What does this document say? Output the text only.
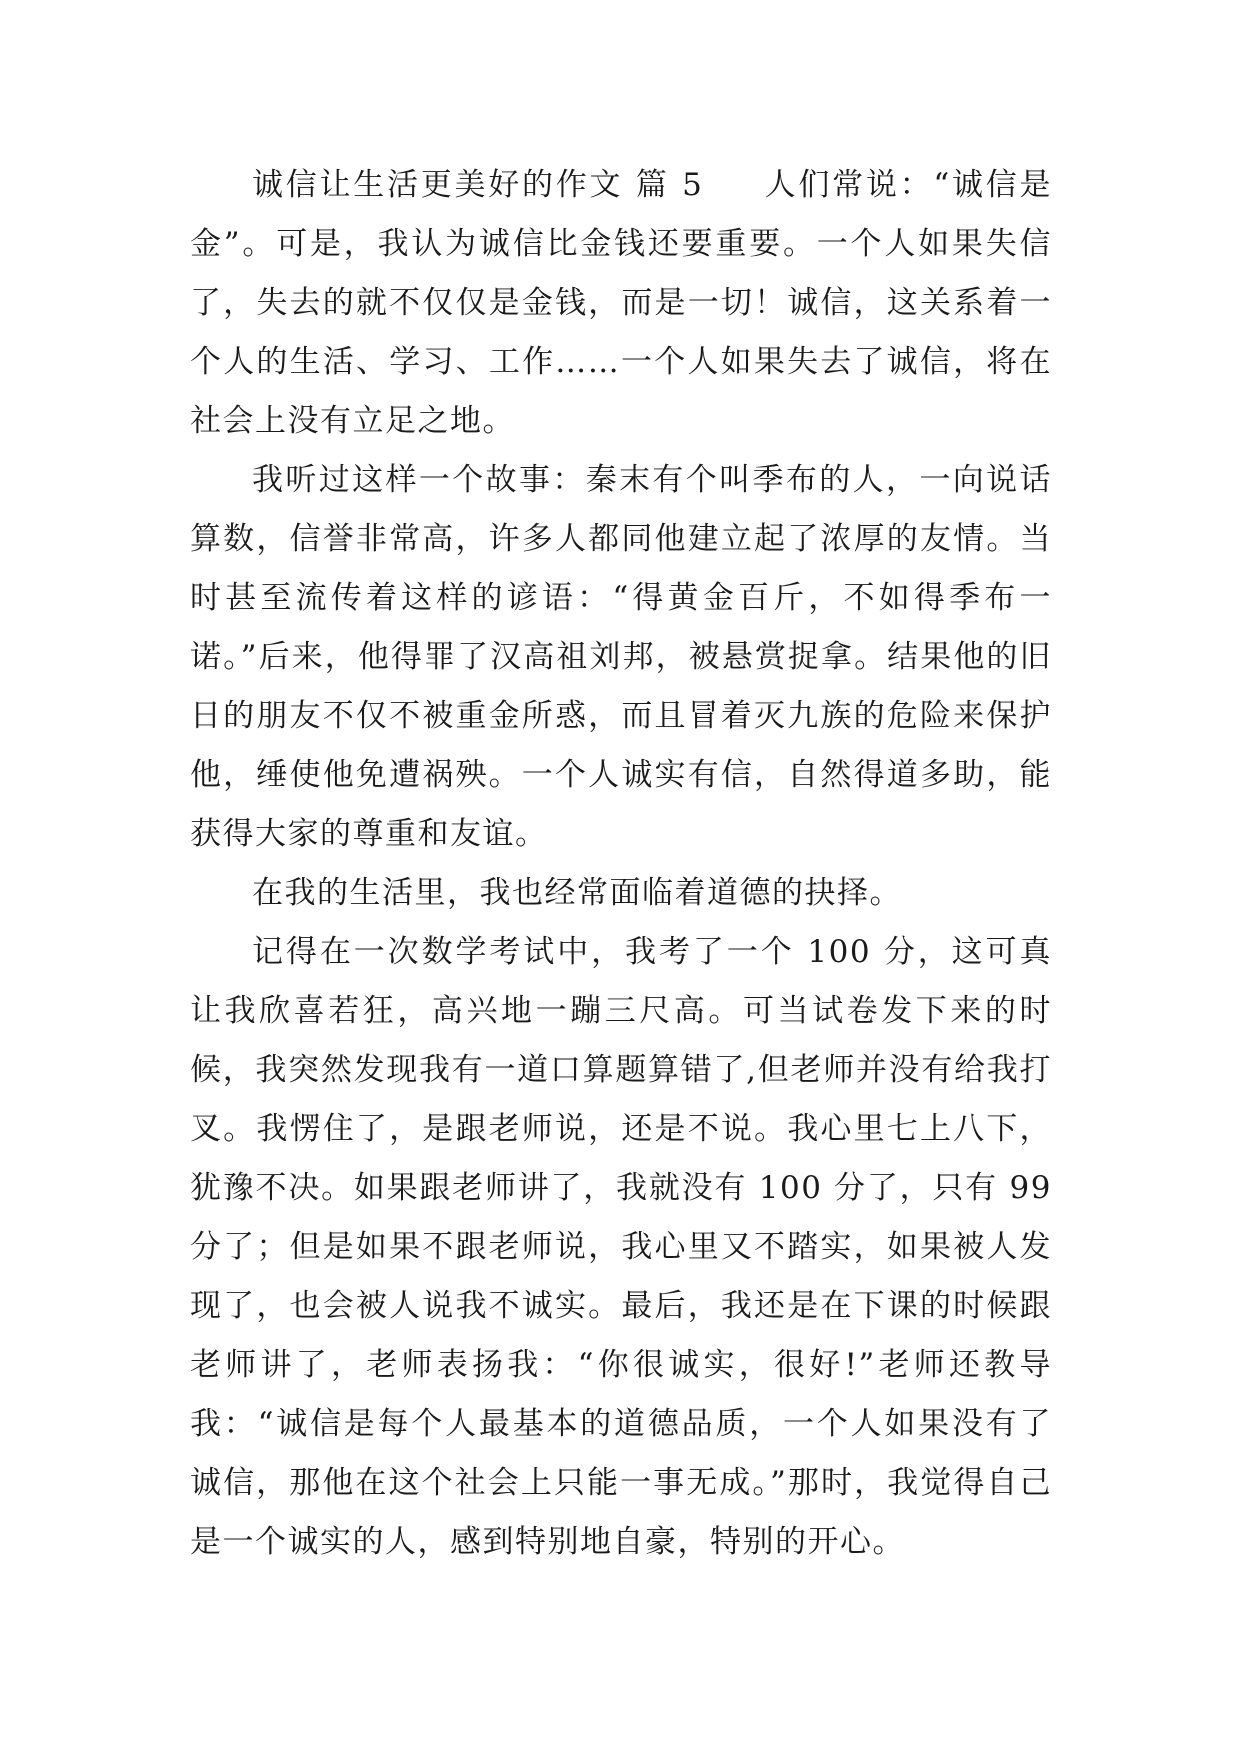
诚信让生活更美好的作文 篇 5 人们常说：“诚信是金”。可是，我认为诚信比金钱还要重要。一个人如果失信了，失去的就不仅仅是金钱，而是一切！诚信，这关系着一个人的生活、学习、工作……一个人如果失去了诚信，将在社会上没有立足之地。

我听过这样一个故事：秦末有个叫季布的人，一向说话算数，信誉非常高，许多人都同他建立起了浓厚的友情。当时甚至流传着这样的谚语：“得黄金百斤，不如得季布一诺。”后来，他得罪了汉高祖刘邦，被悬赏捉拿。结果他的旧日的朋友不仅不被重金所惑，而且冒着灭九族的危险来保护他，缍使他免遭祸殃。一个人诚实有信，自然得道多助，能获得大家的尊重和友谊。

在我的生活里，我也经常面临着道德的抉择。

记得在一次数学考试中，我考了一个 100 分，这可真让我欣喜若狂，高兴地一蹦三尺高。可当试卷发下来的时候，我突然发现我有一道口算题算错了,但老师并没有给我打叉。我愣住了，是跟老师说，还是不说。我心里七上八下，犹豫不决。如果跟老师讲了，我就没有 100 分了，只有 99 分了；但是如果不跟老师说，我心里又不踏实，如果被人发现了，也会被人说我不诚实。最后，我还是在下课的时候跟老师讲了，老师表扬我：“你很诚实，很好!”老师还教导我：“诚信是每个人最基本的道德品质，一个人如果没有了诚信，那他在这个社会上只能一事无成。”那时，我觉得自己是一个诚实的人，感到特别地自豪，特别的开心。
